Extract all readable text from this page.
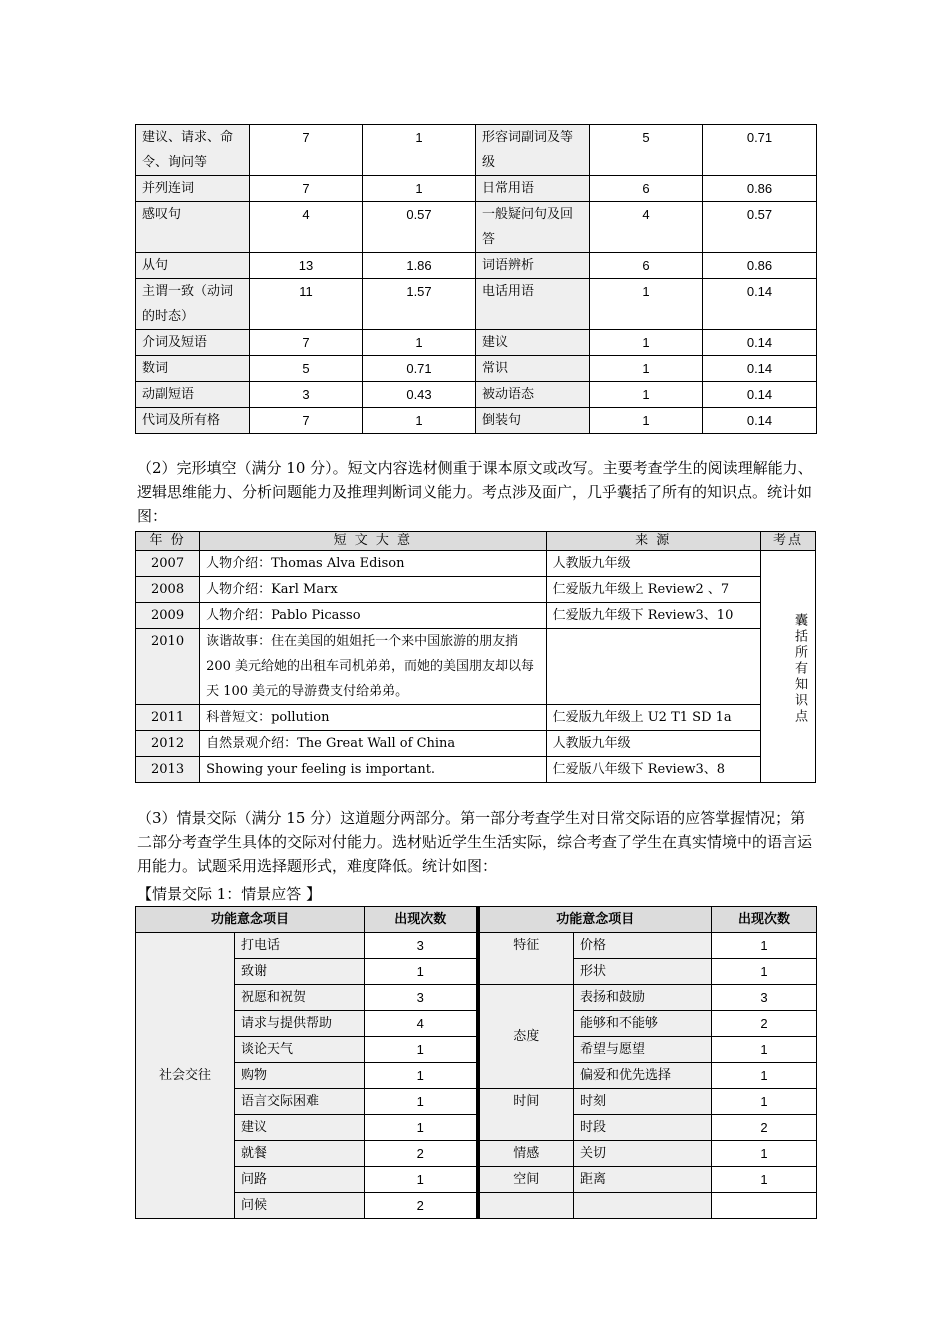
建议、请求、命令、询问等	7	1	形容词副词及等级	5	0.71
并列连词	7	1	日常用语	6	0.86
感叹句	4	0.57	一般疑问句及回答	4	0.57
从句	13	1.86	词语辨析	6	0.86
主谓一致（动词的时态）	11	1.57	电话用语	1	0.14
介词及短语	7	1	建议	1	0.14
数词	5	0.71	常识	1	0.14
动副短语	3	0.43	被动语态	1	0.14
代词及所有格	7	1	倒装句	1	0.14

（2）完形填空（满分 10 分）。短文内容选材侧重于课本原文或改写。主要考查学生的阅读理解能力、逻辑思维能力、分析问题能力及推理判断词义能力。考点涉及面广，几乎囊括了所有的知识点。统计如图：

年 份	短 文 大 意	来 源	考点
2007	人物介绍：Thomas Alva Edison	人教版九年级	囊括所有知识点
2008	人物介绍：Karl Marx	仁爱版九年级上 Review2 、7	
2009	人物介绍：Pablo Picasso	仁爱版九年级下 Review3、10	
2010	诙谐故事：住在美国的姐姐托一个来中国旅游的朋友捎 200 美元给她的出租车司机弟弟，而她的美国朋友却以每天 100 美元的导游费支付给弟弟。		
2011	科普短文：pollution	仁爱版九年级上 U2 T1 SD 1a	
2012	自然景观介绍：The Great Wall of China	人教版九年级	
2013	Showing your feeling is important.	仁爱版八年级下 Review3、8	

（3）情景交际（满分 15 分）这道题分两部分。第一部分考查学生对日常交际语的应答掌握情况；第二部分考查学生具体的交际对付能力。选材贴近学生生活实际，综合考查了学生在真实情境中的语言运用能力。试题采用选择题形式，难度降低。统计如图：

【情景交际 1：情景应答 】

功能意念项目		出现次数	功能意念项目		出现次数
社会交往	打电话	3	特征	价格	1
	致谢	1		形状	1
	祝愿和祝贺	3	态度	表扬和鼓励	3
	请求与提供帮助	4		能够和不能够	2
	谈论天气	1		希望与愿望	1
	购物	1		偏爱和优先选择	1
	语言交际困难	1	时间	时刻	1
	建议	1		时段	2
	就餐	2	情感	关切	1
	问路	1	空间	距离	1
	问候	2			
